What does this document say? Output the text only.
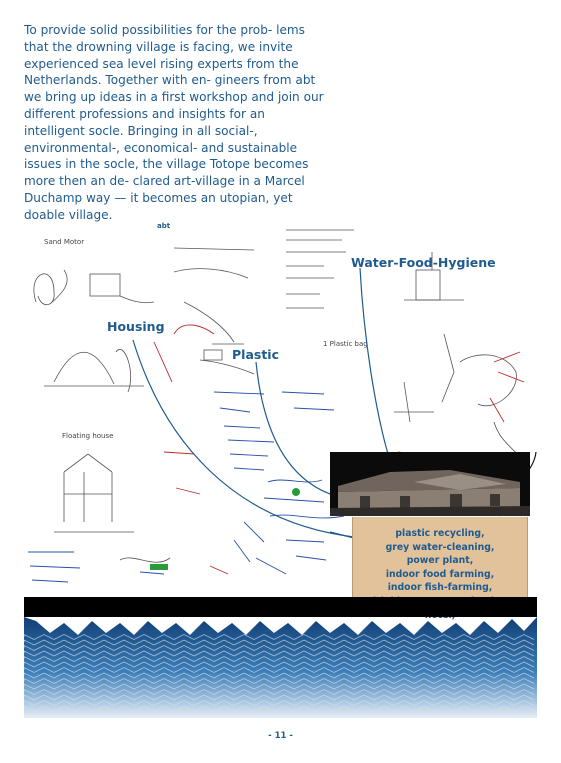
To provide solid possibilities for the prob- lems that the drowning village is facing, we invite experienced sea level rising experts from the Netherlands. Together with en- gineers from abt we bring up ideas in a first workshop and join our different professions and insights for an intelligent socle. Bringing in all social-, environmental-, economical- and sustainable issues in the socle, the village Totope becomes more then an de- clared art-village in a Marcel Duchamp way — it becomes an utopian, yet doable village.

Sand Motor
Floating house
1 Plastic bag
abt
Housing
Plastic
Water-Food-Hygiene
plastic recycling,
grey water-cleaning,
power plant,
indoor food farming,
indoor fish-farming,
- 11 -
